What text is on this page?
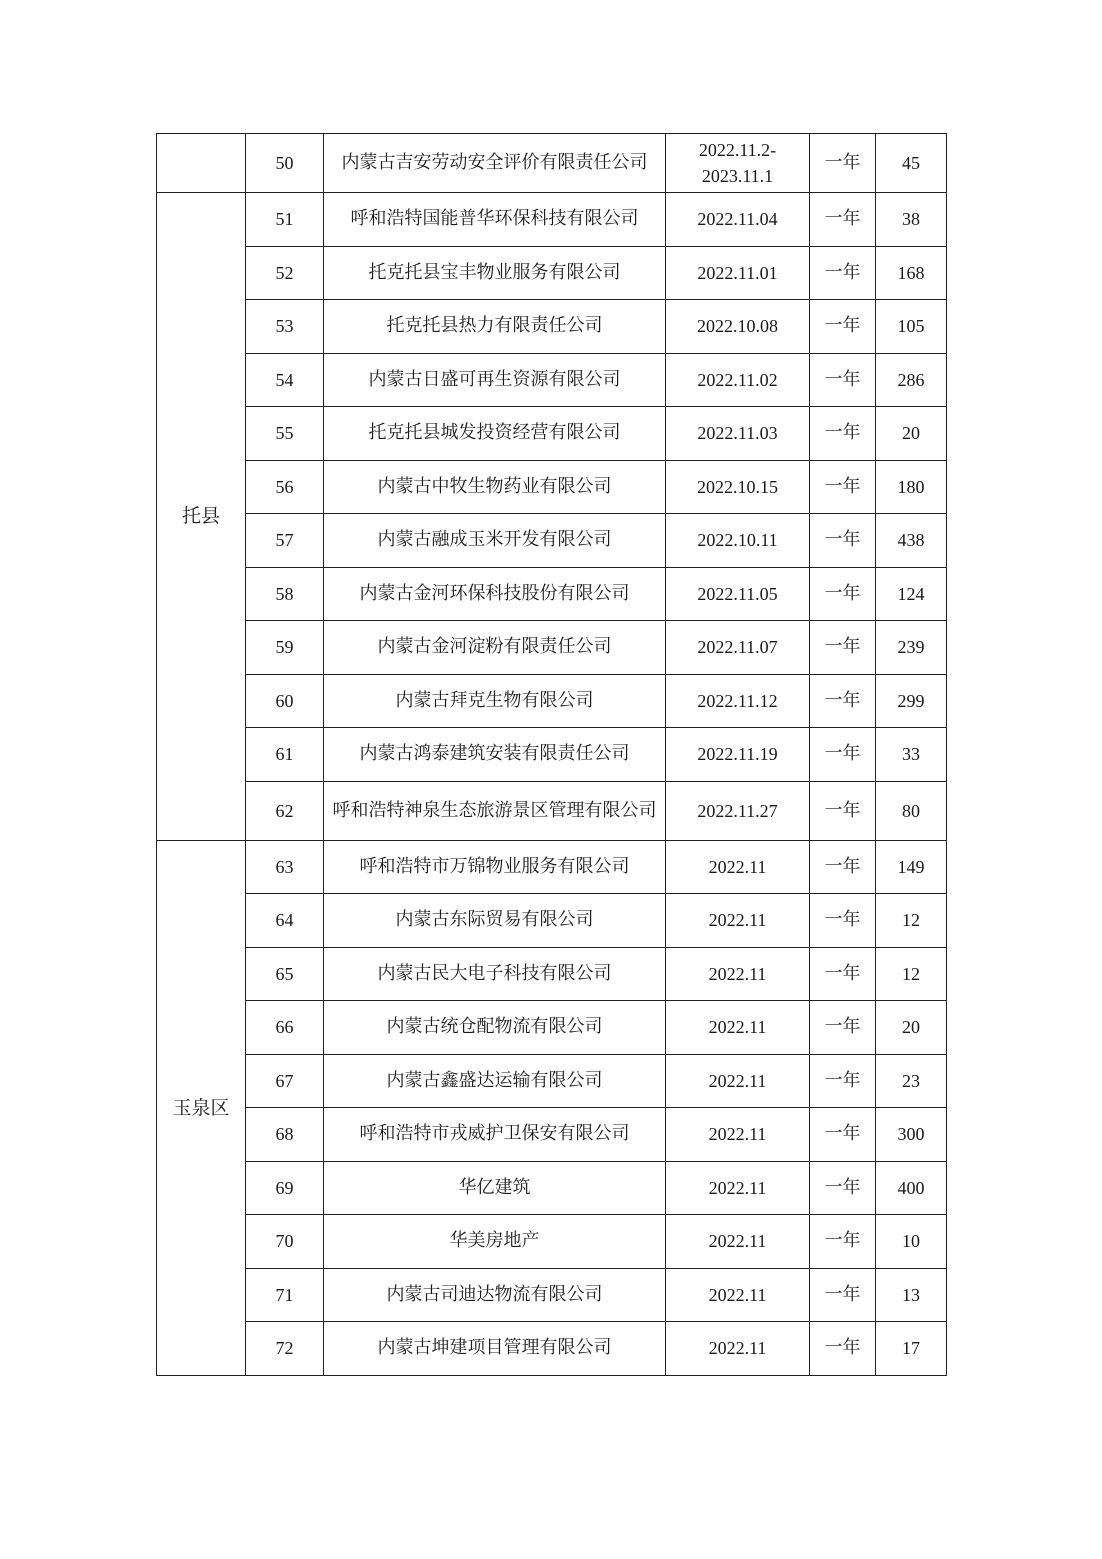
	50	内蒙古吉安劳动安全评价有限责任公司	2022.11.2-2023.11.1	一年	45
托县	51	呼和浩特国能普华环保科技有限公司	2022.11.04	一年	38
	52	托克托县宝丰物业服务有限公司	2022.11.01	一年	168
	53	托克托县热力有限责任公司	2022.10.08	一年	105
	54	内蒙古日盛可再生资源有限公司	2022.11.02	一年	286
	55	托克托县城发投资经营有限公司	2022.11.03	一年	20
	56	内蒙古中牧生物药业有限公司	2022.10.15	一年	180
	57	内蒙古融成玉米开发有限公司	2022.10.11	一年	438
	58	内蒙古金河环保科技股份有限公司	2022.11.05	一年	124
	59	内蒙古金河淀粉有限责任公司	2022.11.07	一年	239
	60	内蒙古拜克生物有限公司	2022.11.12	一年	299
	61	内蒙古鸿泰建筑安装有限责任公司	2022.11.19	一年	33
	62	呼和浩特神泉生态旅游景区管理有限公司	2022.11.27	一年	80
玉泉区	63	呼和浩特市万锦物业服务有限公司	2022.11	一年	149
	64	内蒙古东际贸易有限公司	2022.11	一年	12
	65	内蒙古民大电子科技有限公司	2022.11	一年	12
	66	内蒙古统仓配物流有限公司	2022.11	一年	20
	67	内蒙古鑫盛达运输有限公司	2022.11	一年	23
	68	呼和浩特市戎威护卫保安有限公司	2022.11	一年	300
	69	华亿建筑	2022.11	一年	400
	70	华美房地产	2022.11	一年	10
	71	内蒙古司迪达物流有限公司	2022.11	一年	13
	72	内蒙古坤建项目管理有限公司	2022.11	一年	17
